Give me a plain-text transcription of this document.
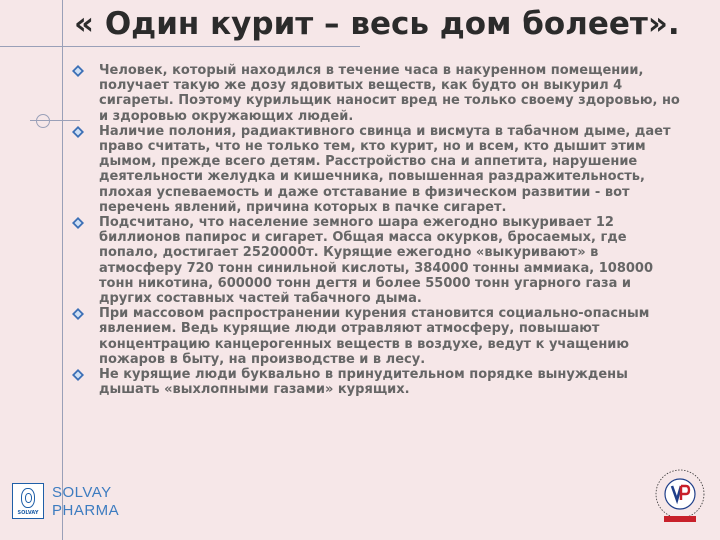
« Один курит – весь дом болеет».
Человек, который находился в течение часа в накуренном помещении, получает такую же дозу ядовитых веществ, как будто он выкурил 4 сигареты. Поэтому курильщик наносит вред не только своему здоровью, но и здоровью окружающих людей.
Наличие полония, радиактивного свинца и висмута в табачном дыме, дает право считать, что не только тем, кто курит, но и всем, кто дышит этим дымом, прежде всего детям. Расстройство сна и аппетита, нарушение деятельности желудка и кишечника, повышенная раздражительность, плохая успеваемость и даже отставание в физическом развитии - вот перечень явлений, причина которых в пачке сигарет.
Подсчитано, что население земного шара ежегодно выкуривает 12 биллионов папирос и сигарет. Общая масса окурков, бросаемых, где попало, достигает 2520000т. Курящие ежегодно «выкуривают» в атмосферу 720 тонн синильной кислоты, 384000 тонны аммиака, 108000 тонн никотина, 600000 тонн дегтя и более 55000 тонн угарного газа и других составных частей табачного дыма.
При массовом распространении курения становится социально-опасным явлением. Ведь курящие люди отравляют атмосферу, повышают концентрацию канцерогенных веществ в воздухе, ведут к учащению пожаров в быту, на производстве и в лесу.
Не курящие люди буквально в принудительном порядке вынуждены дышать «выхлопными газами» курящих.
SOLVAY
SOLVAY
PHARMA
